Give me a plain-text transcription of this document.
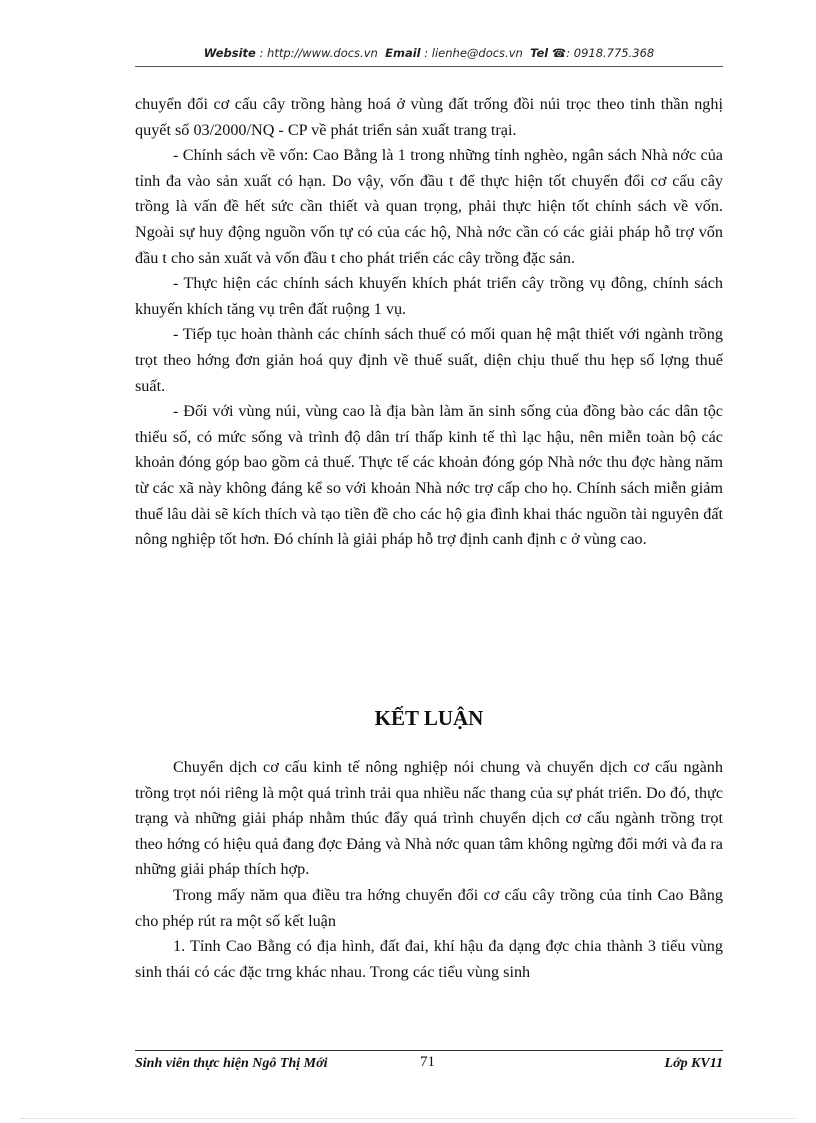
Website : http://www.docs.vn Email : lienhe@docs.vn Tel ☎: 0918.775.368

chuyển đổi cơ cấu cây trồng hàng hoá ở vùng đất trống đồi núi trọc theo tinh thần nghị quyết số 03/2000/NQ - CP về phát triển sản xuất trang trại.

- Chính sách về vốn: Cao Bằng là 1 trong những tỉnh nghèo, ngân sách Nhà nớc của tỉnh đa vào sản xuất có hạn. Do vậy, vốn đầu t để thực hiện tốt chuyển đổi cơ cấu cây trồng là vấn đề hết sức cần thiết và quan trọng, phải thực hiện tốt chính sách về vốn. Ngoài sự huy động nguồn vốn tự có của các hộ, Nhà nớc cần có các giải pháp hỗ trợ vốn đầu t cho sản xuất và vốn đầu t cho phát triển các cây trồng đặc sản.

- Thực hiện các chính sách khuyến khích phát triển cây trồng vụ đông, chính sách khuyến khích tăng vụ trên đất ruộng 1 vụ.

- Tiếp tục hoàn thành các chính sách thuế có mối quan hệ mật thiết với ngành trồng trọt theo hớng đơn giản hoá quy định về thuế suất, diện chịu thuế thu hẹp số lợng thuế suất.

- Đối với vùng núi, vùng cao là địa bàn làm ăn sinh sống của đồng bào các dân tộc thiểu số, có mức sống và trình độ dân trí thấp kinh tế thì lạc hậu, nên miễn toàn bộ các khoản đóng góp bao gồm cả thuế. Thực tế các khoản đóng góp Nhà nớc thu đợc hàng năm từ các xã này không đáng kể so với khoản Nhà nớc trợ cấp cho họ. Chính sách miễn giảm thuế lâu dài sẽ kích thích và tạo tiền đề cho các hộ gia đình khai thác nguồn tài nguyên đất nông nghiệp tốt hơn. Đó chính là giải pháp hỗ trợ định canh định c ở vùng cao.

KẾT LUẬN

Chuyển dịch cơ cấu kinh tế nông nghiệp nói chung và chuyển dịch cơ cấu ngành trồng trọt nói riêng là một quá trình trải qua nhiều nấc thang của sự phát triển. Do đó, thực trạng và những giải pháp nhằm thúc đẩy quá trình chuyển dịch cơ cấu ngành trồng trọt theo hớng có hiệu quả đang đợc Đảng và Nhà nớc quan tâm không ngừng đổi mới và đa ra những giải pháp thích hợp.

Trong mấy năm qua điều tra hớng chuyển đổi cơ cấu cây trồng của tỉnh Cao Bằng cho phép rút ra một số kết luận

1. Tỉnh Cao Bằng có địa hình, đất đai, khí hậu đa dạng đợc chia thành 3 tiểu vùng sinh thái có các đặc trng khác nhau. Trong các tiểu vùng sinh

Sinh viên thực hiện Ngô Thị Mới	71	Lớp KV11
